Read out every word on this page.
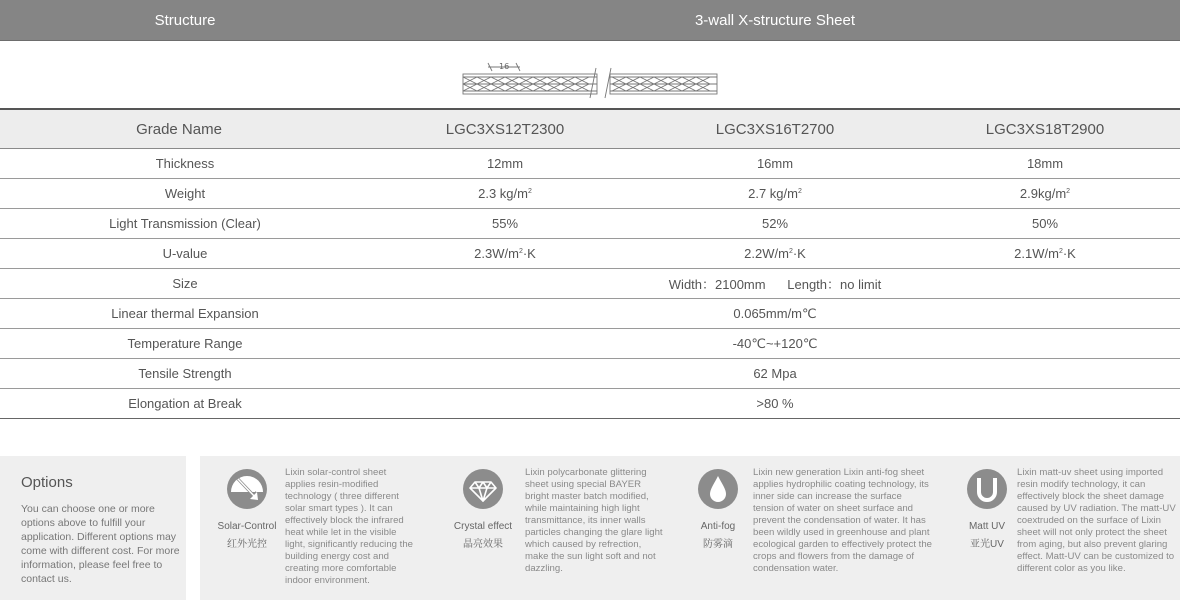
Structure	3-wall X-structure Sheet
16
Grade Name	LGC3XS12T2300	LGC3XS16T2700	LGC3XS18T2900
Thickness	12mm	16mm	18mm
Weight	2.3 $kg/m^2$	2.7 $kg/m^2$	$2.9kg/m^2$
Light Transmission (Clear)	55%	52%	50%
U-value	$2.3W/m^2 \cdot K$	$2.2W/m^2 \cdot K$	$2.1W/m^2 \cdot K$
Size	Width：2100mm      Length：no limit
Linear thermal Expansion	0.065mm/m℃
Temperature Range	-40℃~+120℃
Tensile Strength	62 Mpa
Elongation at Break	>80 %
Options
You can choose one or more options above to fulfill your application. Different options may come with different cost. For more information, please feel free to contact us.
Solar-Control
红外光控
Lixin solar-control sheet applies resin-modified technology ( three different solar smart types ). It can effectively block the infrared heat while let in the visible light, significantly reducing the building energy cost and creating more comfortable indoor environment.
Crystal effect
晶亮效果
Lixin polycarbonate glittering sheet using special BAYER bright master batch modified, while maintaining high light transmittance, its inner walls particles changing the glare light which caused by refrection, make the sun light soft and not dazzling.
Anti-fog
防雾滴
Lixin new generation Lixin anti-fog sheet applies hydrophilic coating technology, its inner side can increase the surface tension of water on sheet surface and prevent the condensation of water. It has been wildly used in greenhouse and plant ecological garden to effectively protect the crops and flowers from the damage of condensation water.
Matt UV
亚光UV
Lixin matt-uv sheet using imported resin modify technology, it can effectively block the sheet damage caused by UV radiation. The matt-UV coextruded on the surface of Lixin sheet will not only protect the sheet from aging, but also prevent glaring effect. Matt-UV can be customized to different color as you like.
